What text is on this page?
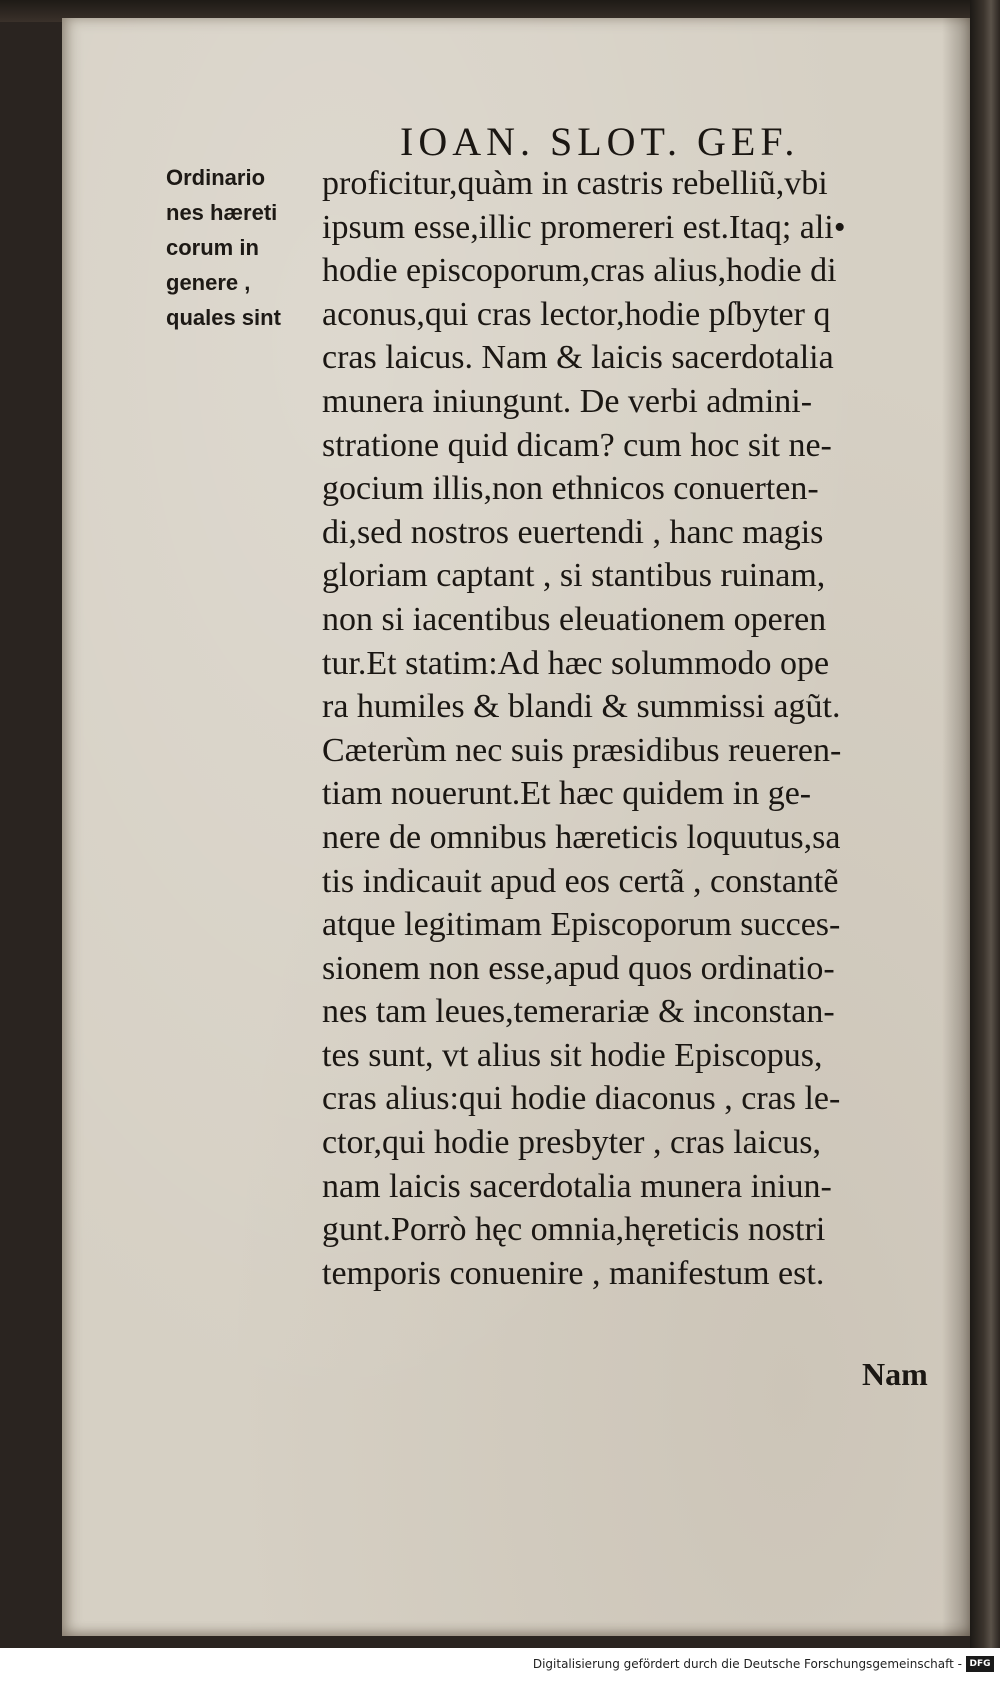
IOAN. SLOT. GEF.
Ordinario
nes hæreti
corum in
genere ,
quales sint
proficitur,quàm in castris rebelliũ,vbi
ipsum esse,illic promereri est.Itaq; ali•
hodie episcoporum,cras alius,hodie di
aconus,qui cras lector,hodie pſbyter q
cras laicus. Nam & laicis sacerdotalia
munera iniungunt. De verbi admini-
stratione quid dicam? cum hoc sit ne-
gocium illis,non ethnicos conuerten-
di,sed nostros euertendi , hanc magis
gloriam captant , si stantibus ruinam,
non si iacentibus eleuationem operen
tur.Et statim:Ad hæc solummodo ope
ra humiles & blandi & summissi agũt.
Cæterùm nec suis præsidibus reueren-
tiam nouerunt.Et hæc quidem in ge-
nere de omnibus hæreticis loquutus,sa
tis indicauit apud eos certã , constantẽ
atque legitimam Episcoporum succes-
sionem non esse,apud quos ordinatio-
nes tam leues,temerariæ & inconstan-
tes sunt, vt alius sit hodie Episcopus,
cras alius:qui hodie diaconus , cras le-
ctor,qui hodie presbyter , cras laicus,
nam laicis sacerdotalia munera iniun-
gunt.Porrò hęc omnia,hęreticis nostri
temporis conuenire , manifestum est.
Nam
Digitalisierung gefördert durch die Deutsche Forschungsgemeinschaft - DFG
